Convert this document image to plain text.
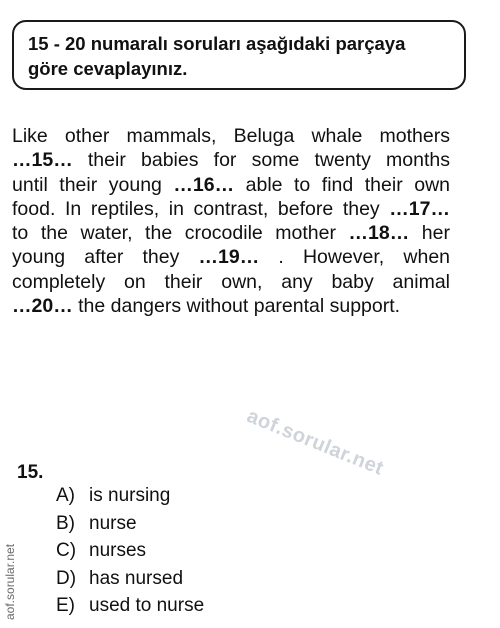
15 - 20 numaralı soruları aşağıdaki parçaya
göre cevaplayınız.
Like other mammals, Beluga whale mothers
…15… their babies for some twenty months
until their young …16… able to find their own
food. In reptiles, in contrast, before they …17…
to the water, the crocodile mother …18… her
young after they …19… . However, when
completely on their own, any baby animal
…20… the dangers without parental support.
aof.sorular.net
aof.sorular.net
15.
A) is nursing
B) nurse
C) nurses
D) has nursed
E) used to nurse
